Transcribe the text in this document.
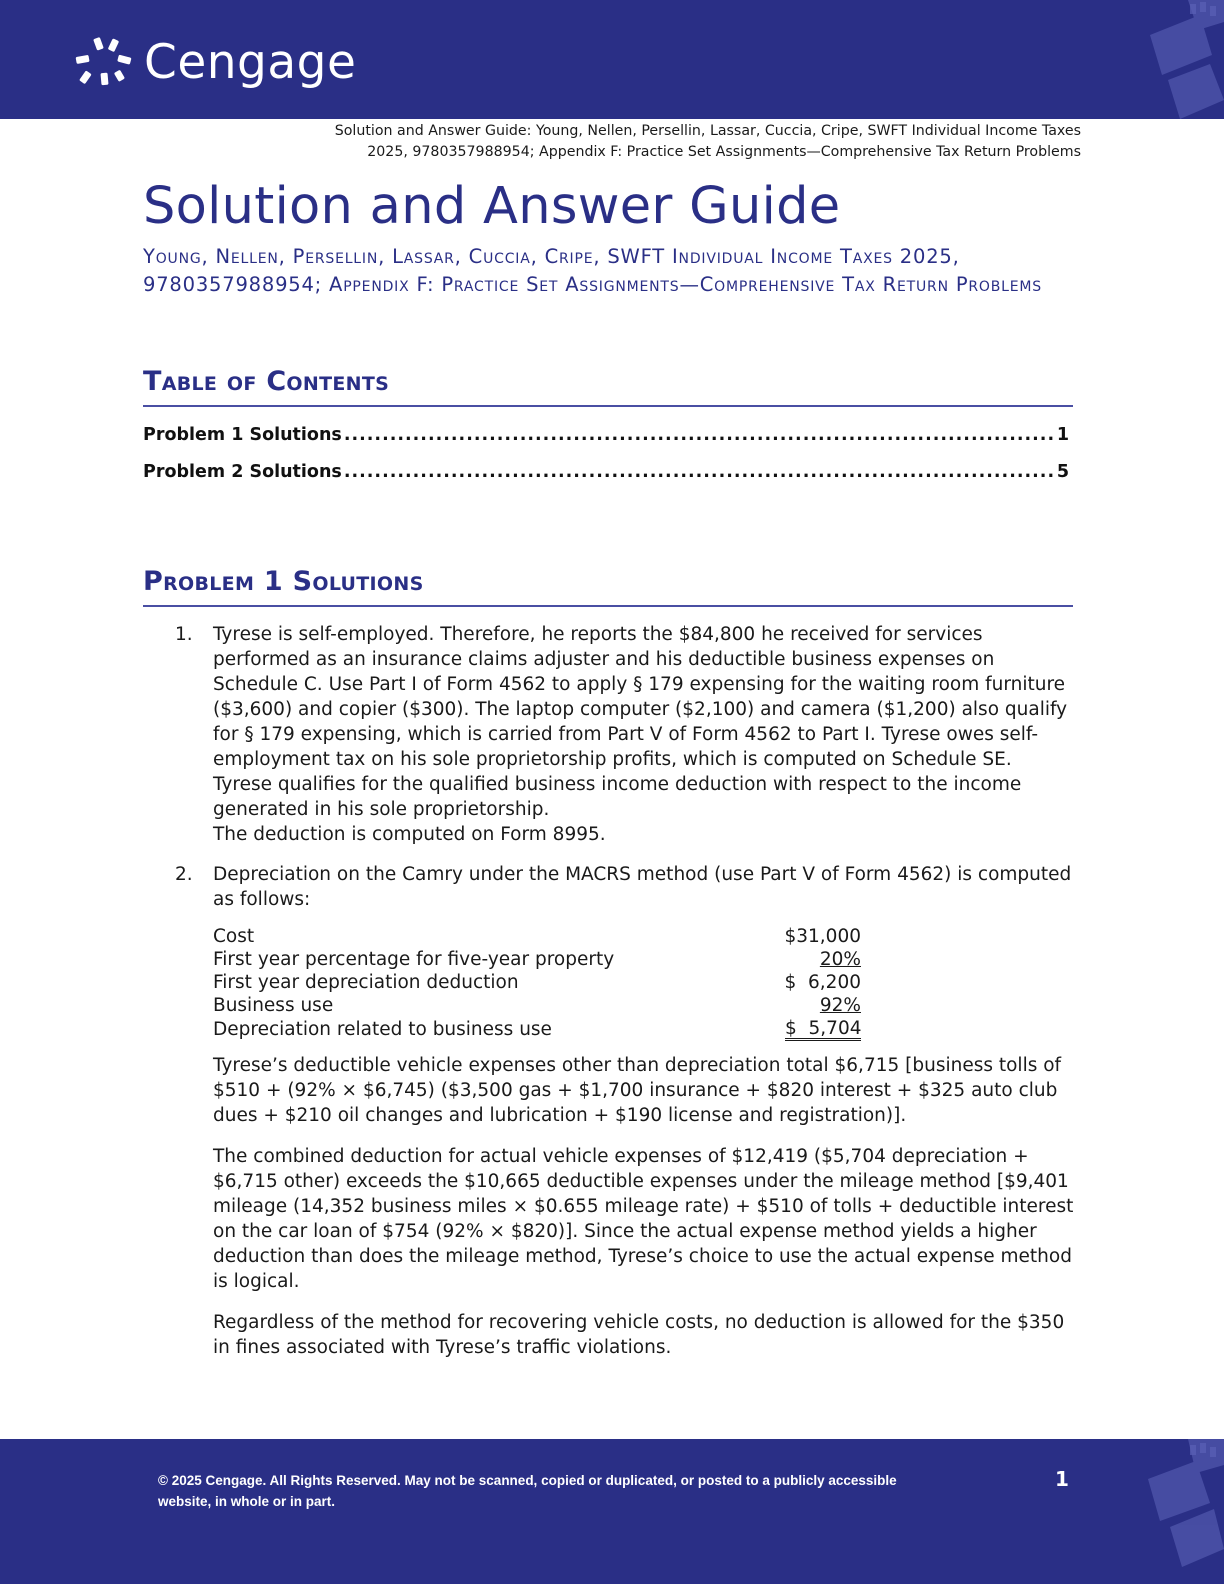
Cengage
Solution and Answer Guide: Young, Nellen, Persellin, Lassar, Cuccia, Cripe, SWFT Individual Income Taxes
2025, 9780357988954; Appendix F: Practice Set Assignments—Comprehensive Tax Return Problems
Solution and Answer Guide
Young, Nellen, Persellin, Lassar, Cuccia, Cripe, SWFT Individual Income Taxes 2025, 9780357988954; Appendix F: Practice Set Assignments—Comprehensive Tax Return Problems
Table of Contents
Problem 1 Solutions .....	1
Problem 2 Solutions .....	5
Problem 1 Solutions
1.	Tyrese is self-employed. Therefore, he reports the $84,800 he received for services performed as an insurance claims adjuster and his deductible business expenses on Schedule C. Use Part I of Form 4562 to apply § 179 expensing for the waiting room furniture ($3,600) and copier ($300). The laptop computer ($2,100) and camera ($1,200) also qualify for § 179 expensing, which is carried from Part V of Form 4562 to Part I. Tyrese owes self-employment tax on his sole proprietorship profits, which is computed on Schedule SE. Tyrese qualifies for the qualified business income deduction with respect to the income generated in his sole proprietorship.

The deduction is computed on Form 8995.

2.	Depreciation on the Camry under the MACRS method (use Part V of Form 4562) is computed as follows:

Cost	$31,000
First year percentage for five-year property	20%
First year depreciation deduction	$  6,200
Business use	92%
Depreciation related to business use	$  5,704

Tyrese’s deductible vehicle expenses other than depreciation total $6,715 [business tolls of $510 + (92% × $6,745) ($3,500 gas + $1,700 insurance + $820 interest + $325 auto club dues + $210 oil changes and lubrication + $190 license and registration)].

The combined deduction for actual vehicle expenses of $12,419 ($5,704 depreciation + $6,715 other) exceeds the $10,665 deductible expenses under the mileage method [$9,401 mileage (14,352 business miles × $0.655 mileage rate) + $510 of tolls + deductible interest on the car loan of $754 (92% × $820)]. Since the actual expense method yields a higher deduction than does the mileage method, Tyrese’s choice to use the actual expense method is logical.

Regardless of the method for recovering vehicle costs, no deduction is allowed for the $350 in fines associated with Tyrese’s traffic violations.

© 2025 Cengage. All Rights Reserved. May not be scanned, copied or duplicated, or posted to a publicly accessible
website, in whole or in part.
1
